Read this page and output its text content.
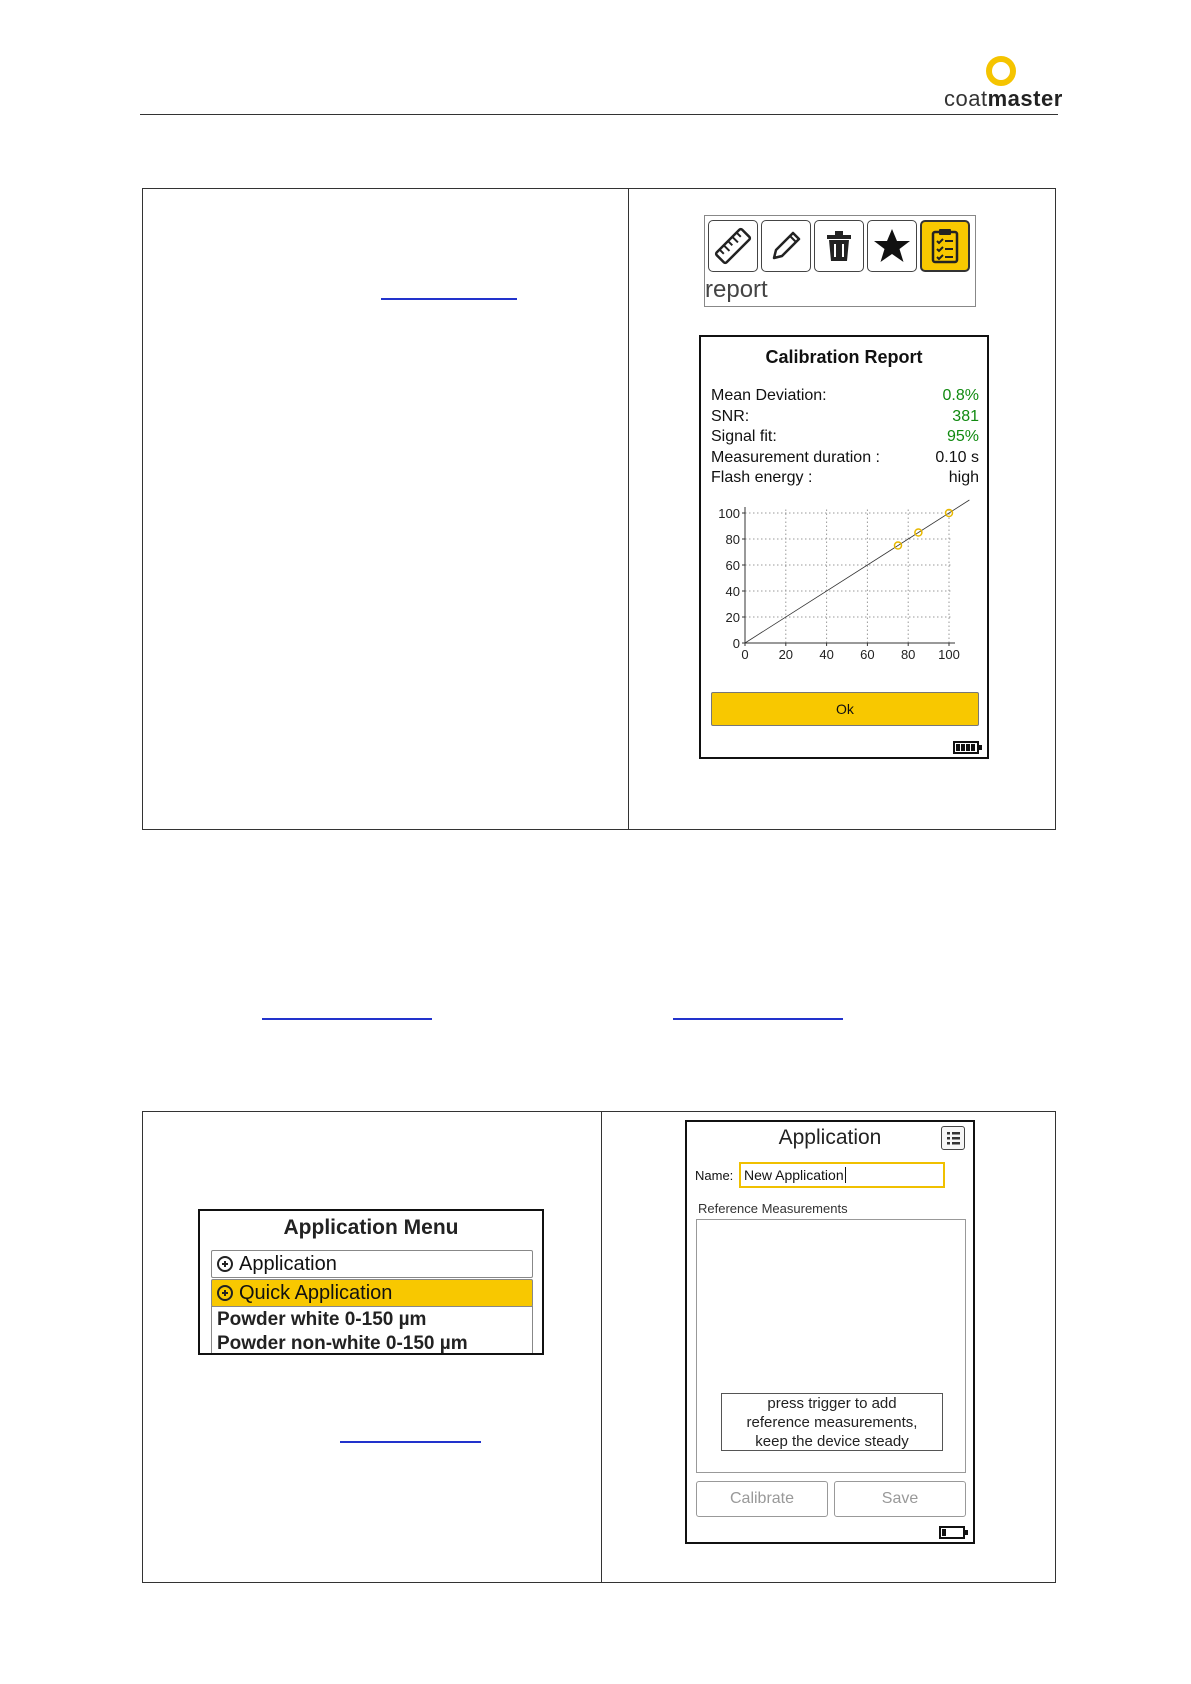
coatmaster
report
Calibration Report
Mean Deviation:	0.8%
SNR:	381
Signal fit:	95%
Measurement duration :	0.10 s
Flash energy :	high
0 20 40 60 80 100
0
20
40
60
80
100
Ok
Application Menu
Application
Quick Application
Powder white 0-150 µm
Powder non-white 0-150 µm
Application
Name: New Application
Reference Measurements
press trigger to add
reference measurements,
keep the device steady
Calibrate	Save
